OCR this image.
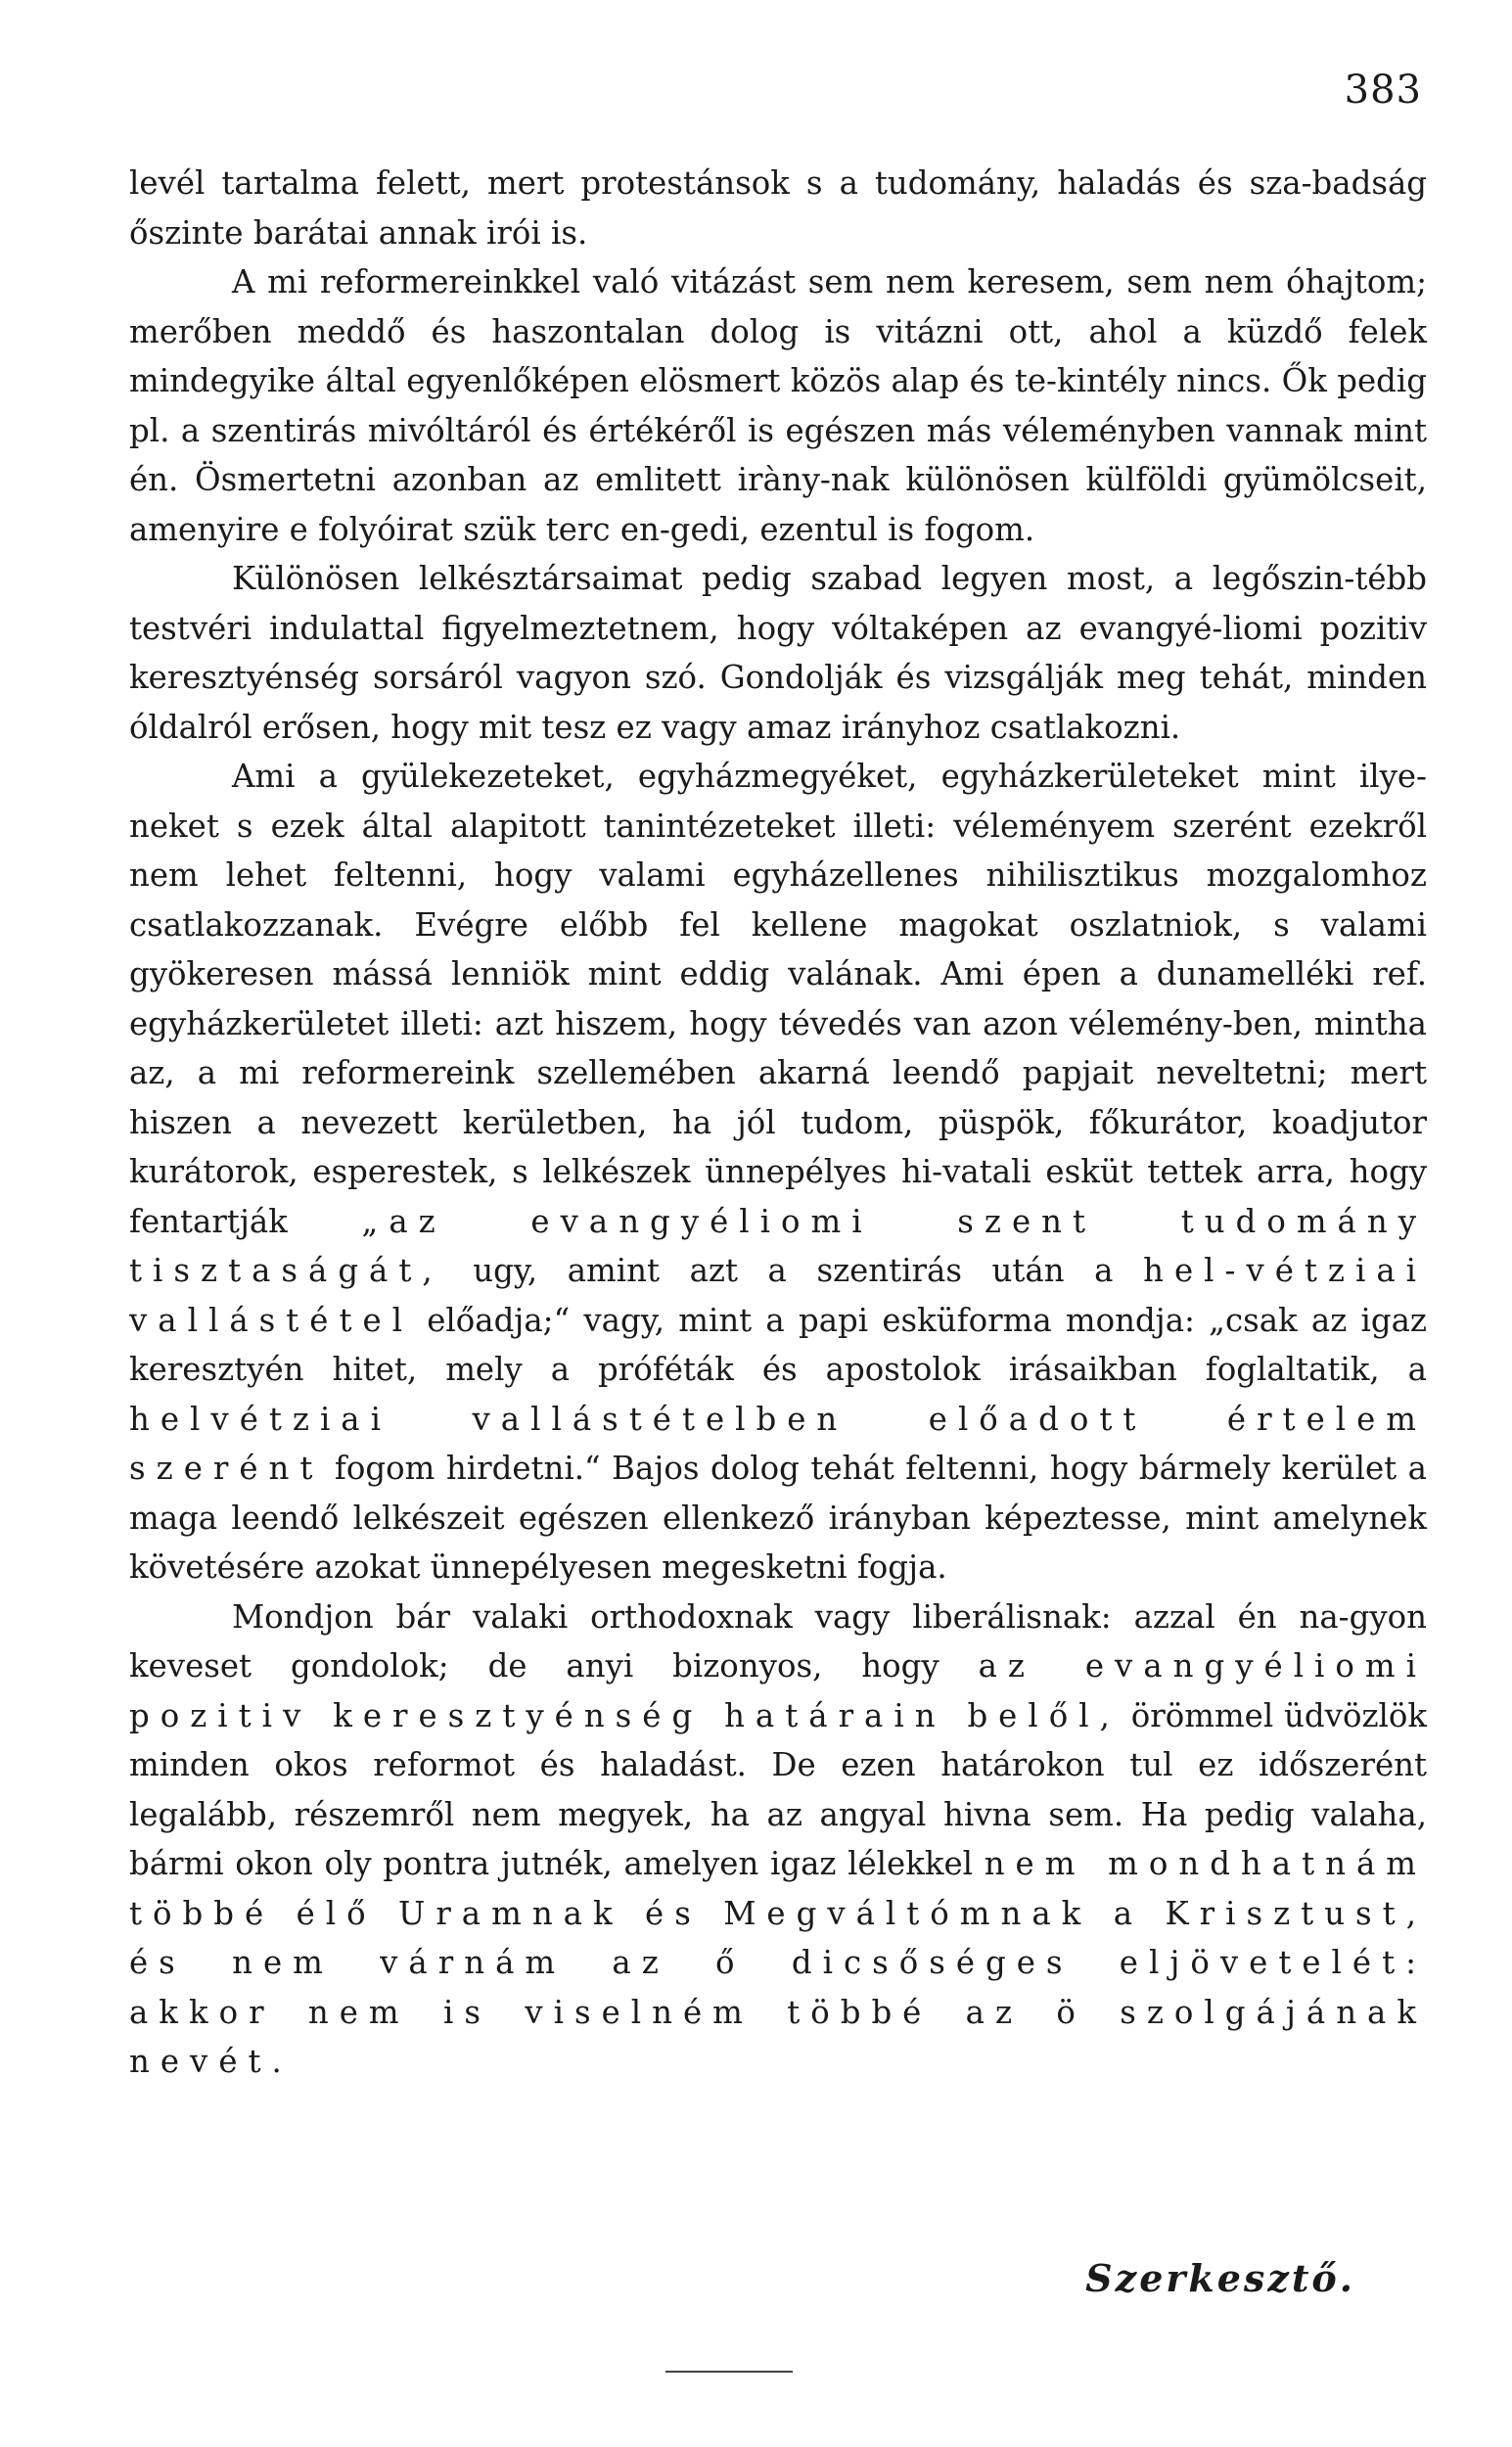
383

levél tartalma felett, mert protestánsok s a tudomány, haladás és sza-badság őszinte barátai annak irói is.

A mi reformereinkkel való vitázást sem nem keresem, sem nem óhajtom; merőben meddő és haszontalan dolog is vitázni ott, ahol a küzdő felek mindegyike által egyenlőképen elösmert közös alap és te-kintély nincs. Ők pedig pl. a szentirás mivóltáról és értékéről is egészen más véleményben vannak mint én. Ösmertetni azonban az emlitett iràny-nak különösen külföldi gyümölcseit, amenyire e folyóirat szük terc en-gedi, ezentul is fogom.

Különösen lelkésztársaimat pedig szabad legyen most, a legőszin-tébb testvéri indulattal figyelmeztetnem, hogy vóltaképen az evangyé-liomi pozitiv keresztyénség sorsáról vagyon szó. Gondolják és vizsgálják meg tehát, minden óldalról erősen, hogy mit tesz ez vagy amaz irányhoz csatlakozni.

Ami a gyülekezeteket, egyházmegyéket, egyházkerületeket mint ilye-neket s ezek által alapitott tanintézeteket illeti: véleményem szerént ezekről nem lehet feltenni, hogy valami egyházellenes nihilisztikus mozgalomhoz csatlakozzanak. Evégre előbb fel kellene magokat oszlatniok, s valami gyökeresen mássá lenniök mint eddig valának. Ami épen a dunamelléki ref. egyházkerületet illeti: azt hiszem, hogy tévedés van azon vélemény-ben, mintha az, a mi reformereink szellemében akarná leendő papjait neveltetni; mert hiszen a nevezett kerületben, ha jól tudom, püspök, főkurátor, koadjutor kurátorok, esperestek, s lelkészek ünnepélyes hi-vatali esküt tettek arra, hogy fentartják „az evangyéliomi szent tudomány tisztaságát, ugy, amint azt a szentirás után a hel-vétziai vallástétel előadja;“ vagy, mint a papi esküforma mondja: „csak az igaz keresztyén hitet, mely a próféták és apostolok irásaikban foglaltatik, a helvétziai vallástételben előadott értelem szerént fogom hirdetni.“ Bajos dolog tehát feltenni, hogy bármely kerület a maga leendő lelkészeit egészen ellenkező irányban képeztesse, mint amelynek követésére azokat ünnepélyesen megesketni fogja.

Mondjon bár valaki orthodoxnak vagy liberálisnak: azzal én na-gyon keveset gondolok; de anyi bizonyos, hogy az evangyéliomi pozitiv keresztyénség határain belől, örömmel üdvözlök minden okos reformot és haladást. De ezen határokon tul ez időszerént legalább, részemről nem megyek, ha az angyal hivna sem. Ha pedig valaha, bármi okon oly pontra jutnék, amelyen igaz lélekkel nem mondhatnám többé élő Uramnak és Megváltómnak a Krisztust, és nem várnám az ő dicsőséges eljövetelét: akkor nem is viselném többé az ö szolgájának nevét.

Szerkesztő.
